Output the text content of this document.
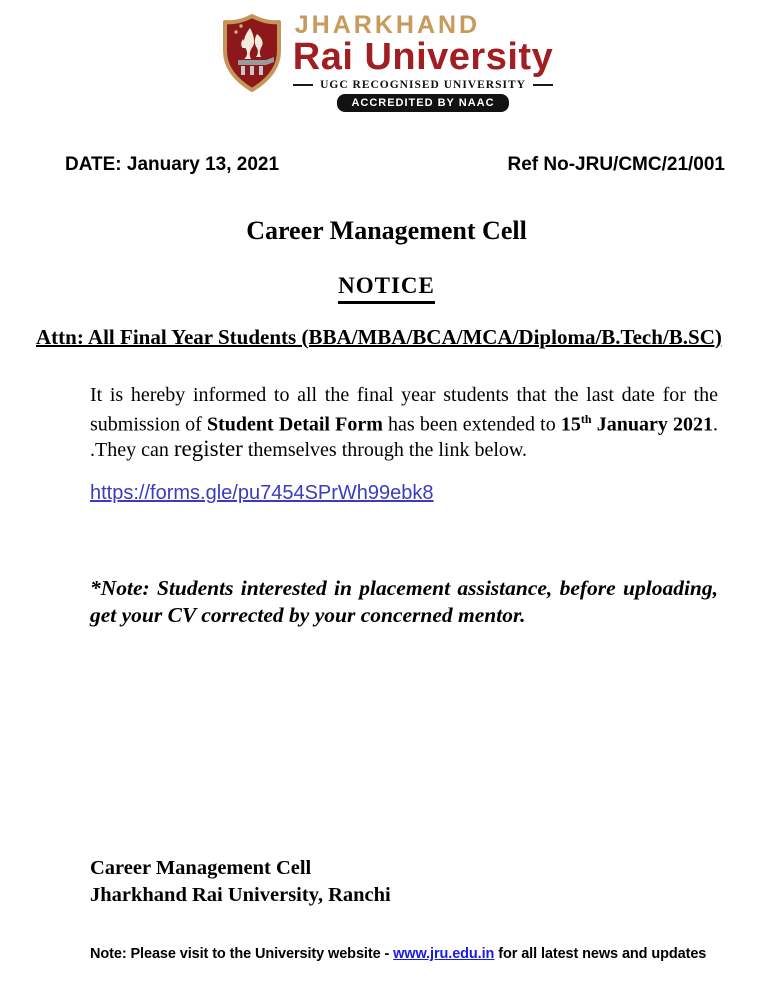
JHARKHAND
Rai University
UGC RECOGNISED UNIVERSITY
ACCREDITED BY NAAC
DATE: January 13, 2021	Ref No-JRU/CMC/21/001
Career Management Cell
NOTICE
Attn: All Final Year Students (BBA/MBA/BCA/MCA/Diploma/B.Tech/B.SC)
It is hereby informed to all the final year students that the last date for the submission of Student Detail Form has been extended to 15th January 2021. .They can register themselves through the link below.
https://forms.gle/pu7454SPrWh99ebk8
*Note: Students interested in placement assistance, before uploading, get your CV corrected by your concerned mentor.
Career Management Cell
Jharkhand Rai University, Ranchi
Note: Please visit to the University website - www.jru.edu.in for all latest news and updates
